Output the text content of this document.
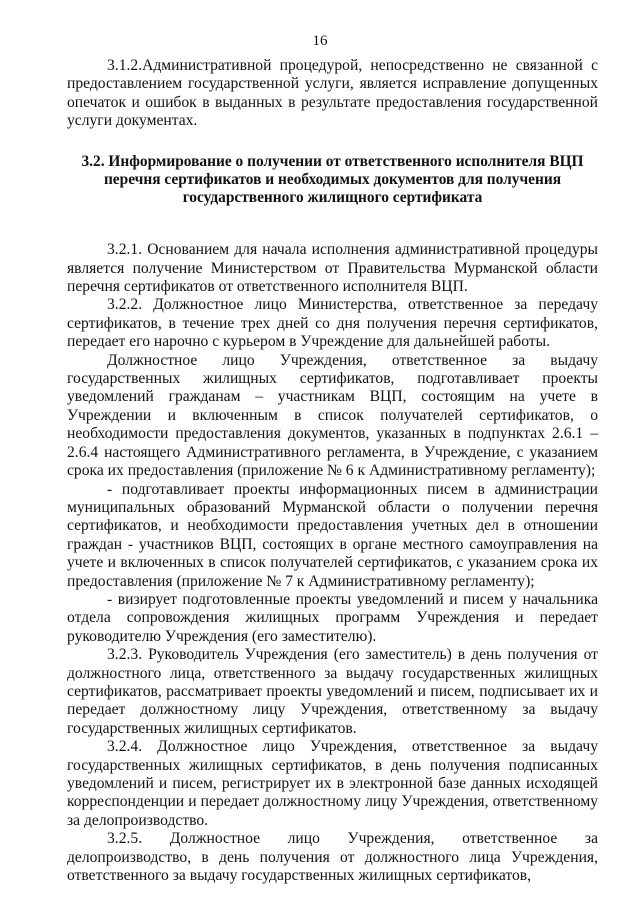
16

3.1.2.Административной процедурой, непосредственно не связанной с предоставлением государственной услуги, является исправление допущенных опечаток и ошибок в выданных в результате предоставления государственной услуги документах.

3.2. Информирование о получении от ответственного исполнителя ВЦП
перечня сертификатов и необходимых документов для получения
государственного жилищного сертификата

3.2.1. Основанием для начала исполнения административной процедуры является получение Министерством от Правительства Мурманской области перечня сертификатов от ответственного исполнителя ВЦП.

3.2.2. Должностное лицо Министерства, ответственное за передачу сертификатов, в течение трех дней со дня получения перечня сертификатов, передает его нарочно с курьером в Учреждение для дальнейшей работы.

Должностное лицо Учреждения, ответственное за выдачу государственных жилищных сертификатов, подготавливает проекты уведомлений гражданам – участникам ВЦП, состоящим на учете в Учреждении и включенным в список получателей сертификатов, о необходимости предоставления документов, указанных в подпунктах 2.6.1 – 2.6.4 настоящего Административного регламента, в Учреждение, с указанием срока их предоставления (приложение № 6 к Административному регламенту);

- подготавливает проекты информационных писем в администрации муниципальных образований Мурманской области о получении перечня сертификатов, и необходимости предоставления учетных дел в отношении граждан - участников ВЦП, состоящих в органе местного самоуправления на учете и включенных в список получателей сертификатов, с указанием срока их предоставления (приложение № 7 к Административному регламенту);

- визирует подготовленные проекты уведомлений и писем у начальника отдела сопровождения жилищных программ Учреждения и передает руководителю Учреждения (его заместителю).

3.2.3. Руководитель Учреждения (его заместитель) в день получения от должностного лица, ответственного за выдачу государственных жилищных сертификатов, рассматривает проекты уведомлений и писем, подписывает их и передает должностному лицу Учреждения, ответственному за выдачу государственных жилищных сертификатов.

3.2.4. Должностное лицо Учреждения, ответственное за выдачу государственных жилищных сертификатов, в день получения подписанных уведомлений и писем, регистрирует их в электронной базе данных исходящей корреспонденции и передает должностному лицу Учреждения, ответственному за делопроизводство.

3.2.5. Должностное лицо Учреждения, ответственное за делопроизводство, в день получения от должностного лица Учреждения, ответственного за выдачу государственных жилищных сертификатов,
